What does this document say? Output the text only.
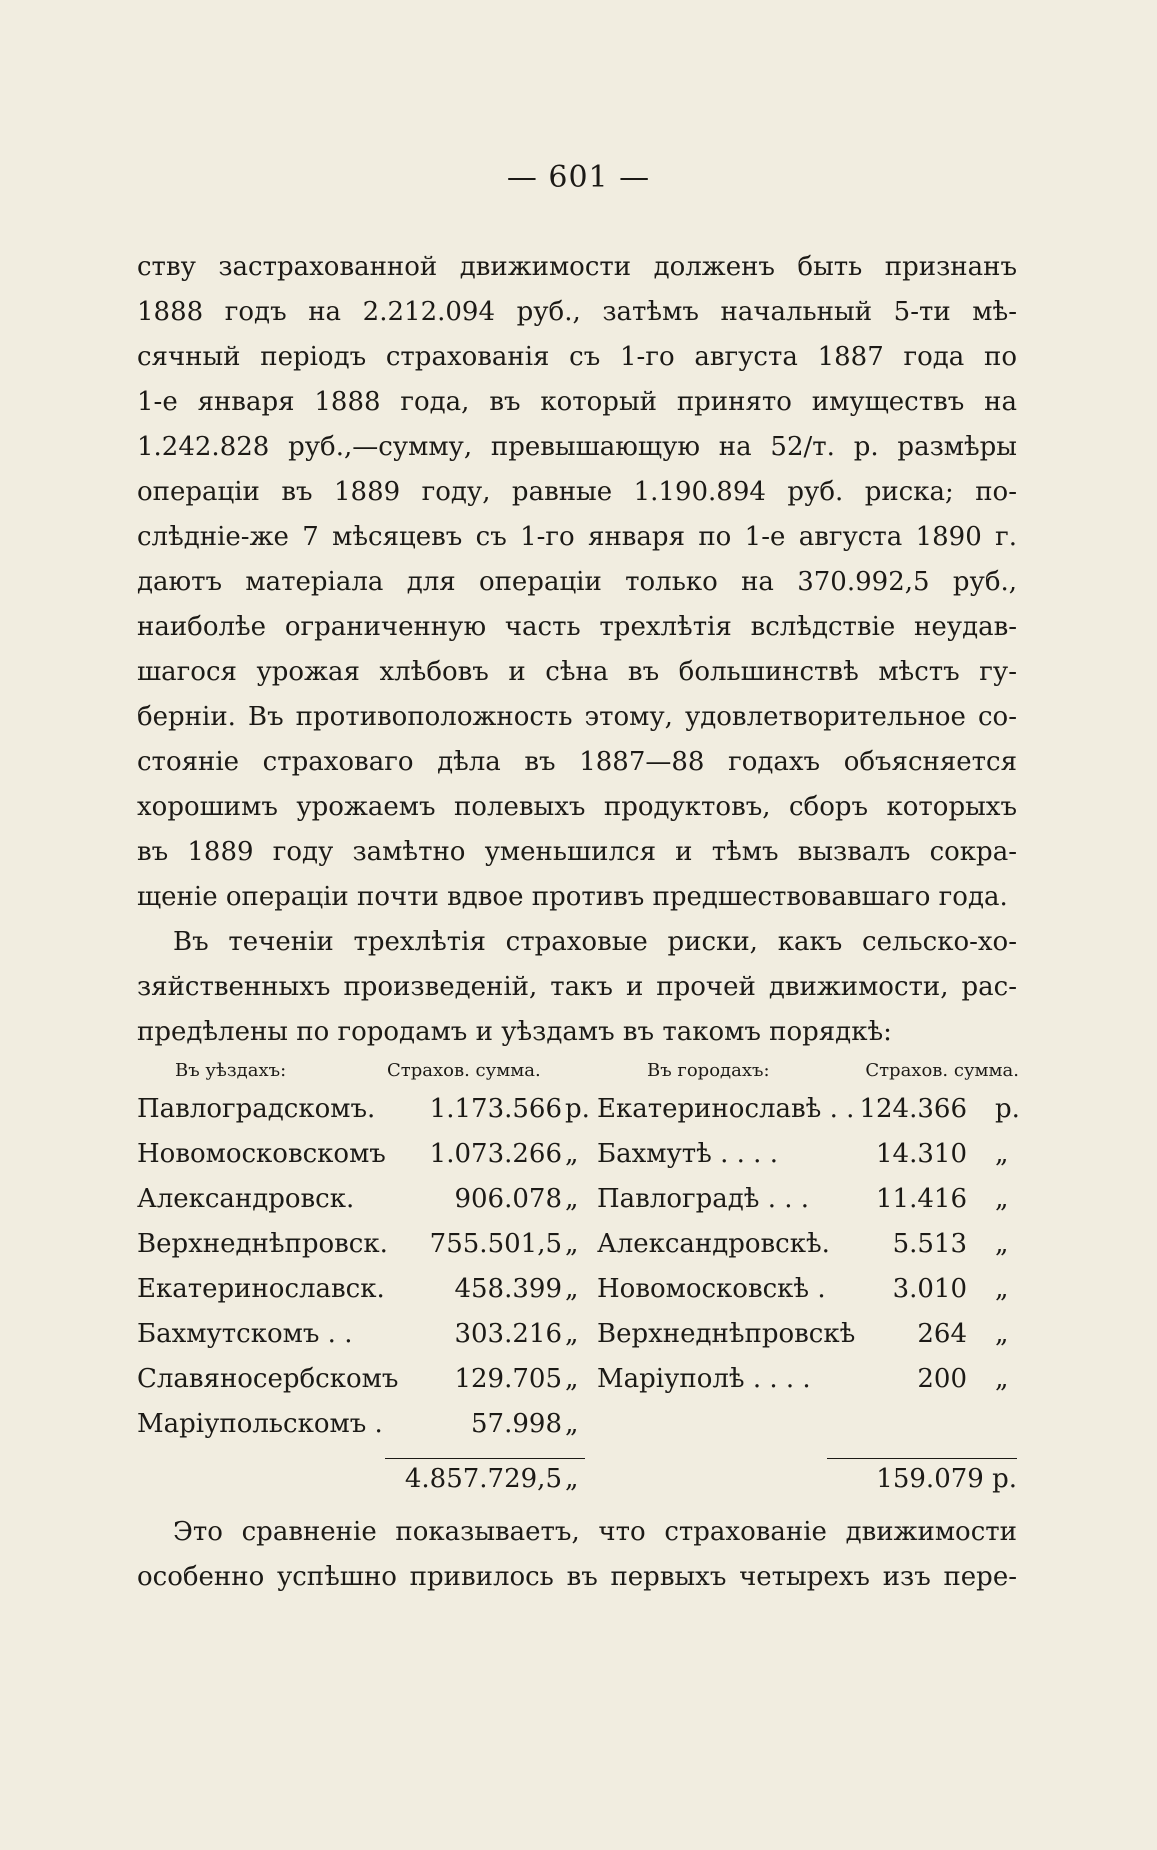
— 601 —
ству застрахованной движимости долженъ быть признанъ
1888 годъ на 2.212.094 руб., затѣмъ начальный 5-ти мѣ-
сячный періодъ страхованія съ 1-го августа 1887 года по
1-е января 1888 года, въ который принято имуществъ на
1.242.828 руб.,—сумму, превышающую на 52/т. р. размѣры
операціи въ 1889 году, равные 1.190.894 руб. риска; по-
слѣдніе-же 7 мѣсяцевъ съ 1-го января по 1-е августа 1890 г.
даютъ матеріала для операціи только на 370.992,5 руб.,
наиболѣе ограниченную часть трехлѣтія вслѣдствіе неудав-
шагося урожая хлѣбовъ и сѣна въ большинствѣ мѣстъ гу-
берніи. Въ противоположность этому, удовлетворительное со-
стояніе страховаго дѣла въ 1887—88 годахъ объясняется
хорошимъ урожаемъ полевыхъ продуктовъ, сборъ которыхъ
въ 1889 году замѣтно уменьшился и тѣмъ вызвалъ сокра-
щеніе операціи почти вдвое противъ предшествовавшаго года.
Въ теченіи трехлѣтія страховые риски, какъ сельско-хо-
зяйственныхъ произведеній, такъ и прочей движимости, рас-
предѣлены по городамъ и уѣздамъ въ такомъ порядкѣ:
Въ уѣздахъ:	Страхов. сумма.	Въ городахъ:	Страхов. сумма.
Павлоградскомъ. 1.173.566 р. Екатеринославѣ . . 124.366 р.
Новомосковскомъ 1.073.266 „ Бахмутѣ . . . .	14.310 „
Александровск.	906.078 „ Павлоградѣ . . .	11.416 „
Верхнеднѣпровск. 755.501,5 „ Александровскѣ. 5.513 „
Екатеринославск.	458.399 „ Новомосковскѣ .	3.010 „
Бахмутскомъ . .	303.216 „ Верхнеднѣпровскѣ 264 „
Славяносербскомъ 129.705 „ Маріуполѣ . . . .	200 „
Маріупольскомъ .	57.998 „
4.857.729,5 „	159.079 р.
Это сравненіе показываетъ, что страхованіе движимости
особенно успѣшно привилось въ первыхъ четырехъ изъ пере-
